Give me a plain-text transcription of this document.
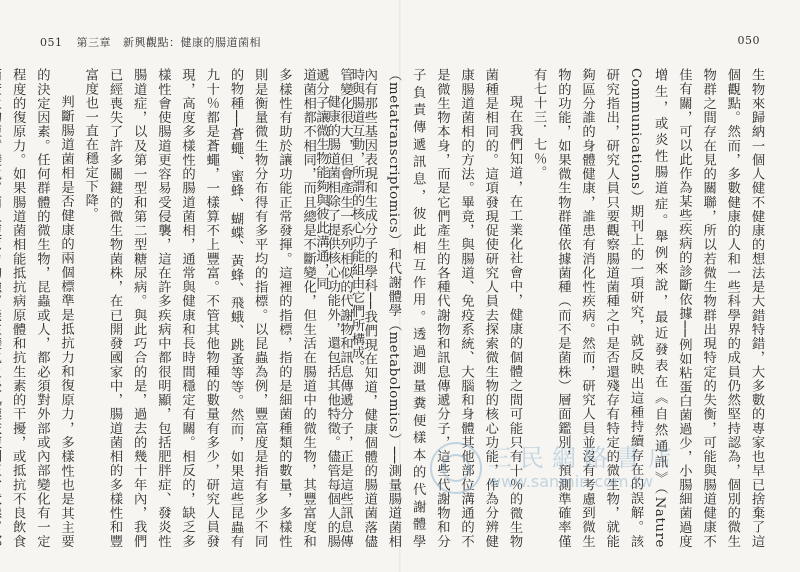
051 第三章 新興觀點：健康的腸道菌相

時與腸道互動，所謂的核心功能組由它們所構成。

健康的腸道菌相除了提供核心功能外，還包括其他特徵。儘管每個人的腸道菌相都不相同，而且總是不斷變化，但生活在腸道中的微生物，其豐富度和多樣性有助於讓功能正常發揮。這裡的指標，指的是細菌種類的數量，多樣性則是衡量微生物分布得有多平均的指標。以昆蟲為例，豐富度是指有多少不同的物種──蒼蠅、蜜蜂、蝴蝶、黃蜂、飛蛾、跳蚤等等。然而，如果這些昆蟲有九十％都是蒼蠅，一樣算不上豐富。不管其他物種的數量有多少，研究人員發現，高度多樣性的腸道菌相，通常與健康和長時間穩定有關。相反的，缺乏多樣性會使腸道更容易受侵襲，這在許多疾病中都很明顯，包括肥胖症、發炎性腸道症，以及第一型和第二型糖尿病。與此巧合的是，過去的幾十年內，我們已經喪失了許多關鍵的微生物菌株，在已開發國家中，腸道菌相的多樣性和豐富度也一直在穩定下降。

判斷腸道菌相是否健康的兩個標準是抵抗力和復原力，多樣性也是其主要的決定因素。任何群體的微生物，昆蟲或人，都必須對外部或內部變化有一定程度的復原力。如果腸道菌相能抵抗病原體和抗生素的干擾，或抵抗不良飲食

050

生物來歸納一個人健不健康的想法是大錯特錯，大多數的專家也早已捨棄了這個觀點。然而，多數健康的人和一些科學界的成員仍然堅持認為，個別的微生物群之間存在見的關聯，所以若微生物群出現特定的失衡，可能與腸道健康不佳有關，可以此作為某些疾病的診斷依據──例如粘蛋白菌過少，小腸細菌過度增生，或炎性腸道症。舉例來說，最近發表在《自然通訊》（Nature Communications）期刊上的一項研究，就反映出這種持續存在的誤解。該研究指出，研究人員只要觀察腸道菌種之中是否還殘存有特定的微生物，就能夠區分誰的身體健康，誰患有消化性疾病。然而，研究人員並沒有考慮到微生物的功能，如果微生物群僅依據菌種（而不是菌株）層面鑑別，預測準確率僅有七十三．七％。

現在我們知道，在工業化社會中，健康的個體之間可能只有十％的微生物菌種是相同的。這項發現促使研究人員去探索微生物的核心功能，作為分辨健康腸道菌相的方法。畢竟，與腸道、免疫系統、大腦和身體其他部位溝通的不是微生物本身，而是它們產生的各種代謝物和訊息傳遞分子，這些代謝物和分子負責傳遞訊息，彼此相互作用。透過測量糞便樣本的代謝體學（metatranscriptomics）和代謝體學（metabolomics）──測量腸道菌相內有那些基因表現和生成分子的學科──我們現在知道，健康個體的腸道菌落儘管變化很大，但會產生一系列相似的代謝物和訊息傳遞分子，正是這些訊息傳遞分子讓微生物能夠與彼此溝通，同

三民網路書店
www.sanmin.com.tw
